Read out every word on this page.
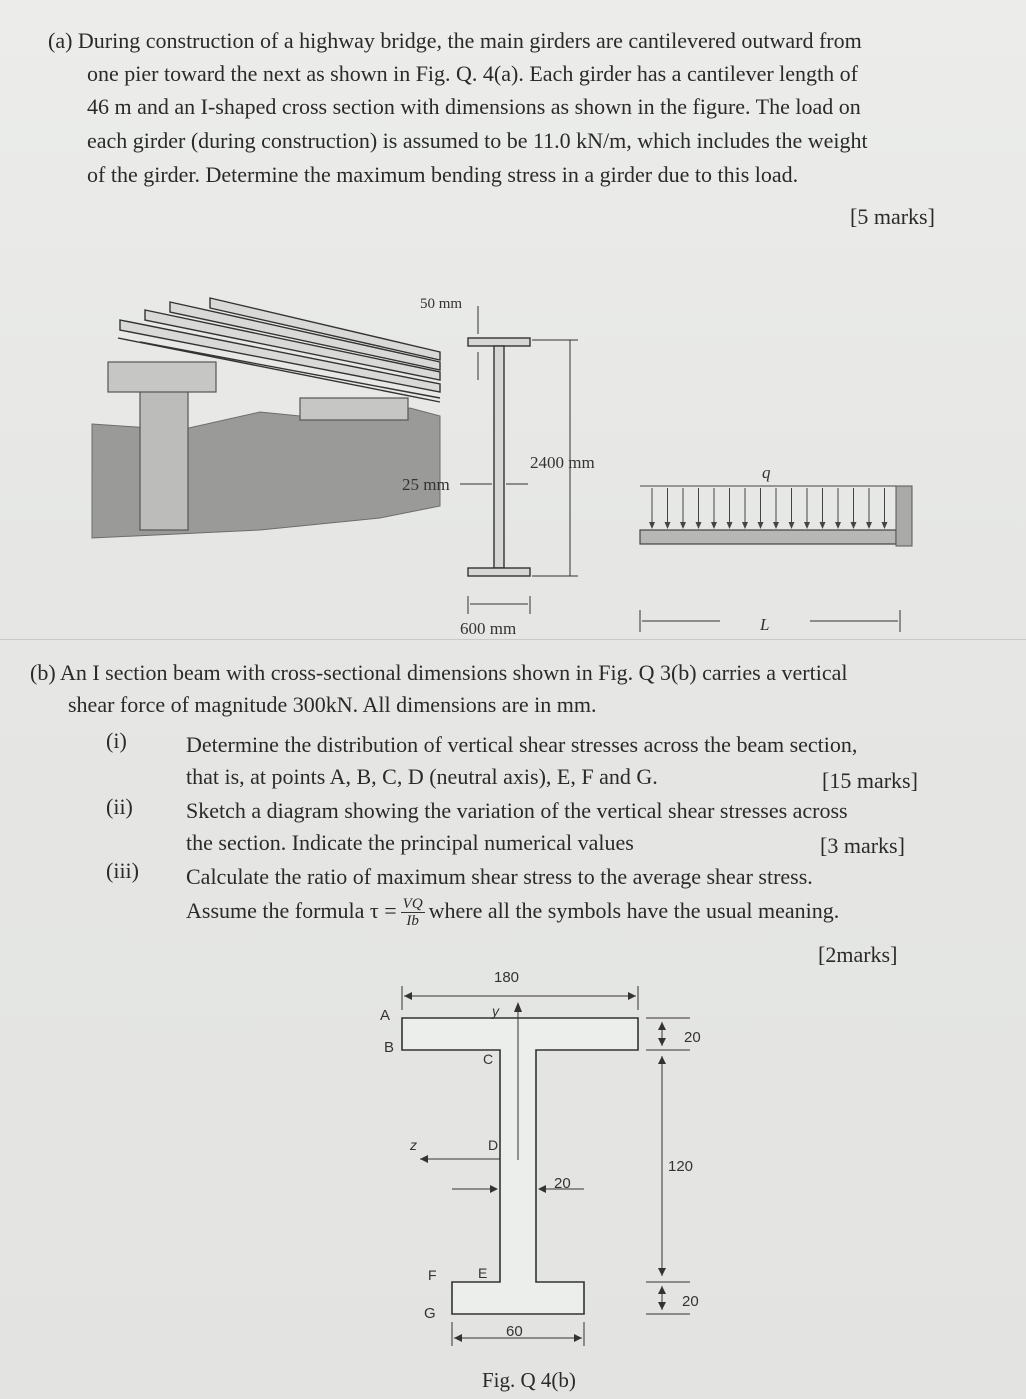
(a) During construction of a highway bridge, the main girders are cantilevered outward from
one pier toward the next as shown in Fig. Q. 4(a). Each girder has a cantilever length of
46 m and an I-shaped cross section with dimensions as shown in the figure. The load on
each girder (during construction) is assumed to be 11.0 kN/m, which includes the weight
of the girder. Determine the maximum bending stress in a girder due to this load.
[5 marks]
50 mm
2400 mm
25 mm
600 mm
q
L
(b) An I section beam with cross-sectional dimensions shown in Fig. Q 3(b) carries a vertical
shear force of magnitude 300kN. All dimensions are in mm.
(i)	Determine the distribution of vertical shear stresses across the beam section,
that is, at points A, B, C, D (neutral axis), E, F and G.	[15 marks]
(ii) Sketch a diagram showing the variation of the vertical shear stresses across
the section. Indicate the principal numerical values	[3 marks]
(iii) Calculate the ratio of maximum shear stress to the average shear stress.
Assume the formula $\tau = \frac{VQ}{Ib}$ where all the symbols have the usual meaning.
[2marks]
180
y
A
B
C
D
E
F
G
z
20
120
20
20
60
Fig. Q 4(b)
